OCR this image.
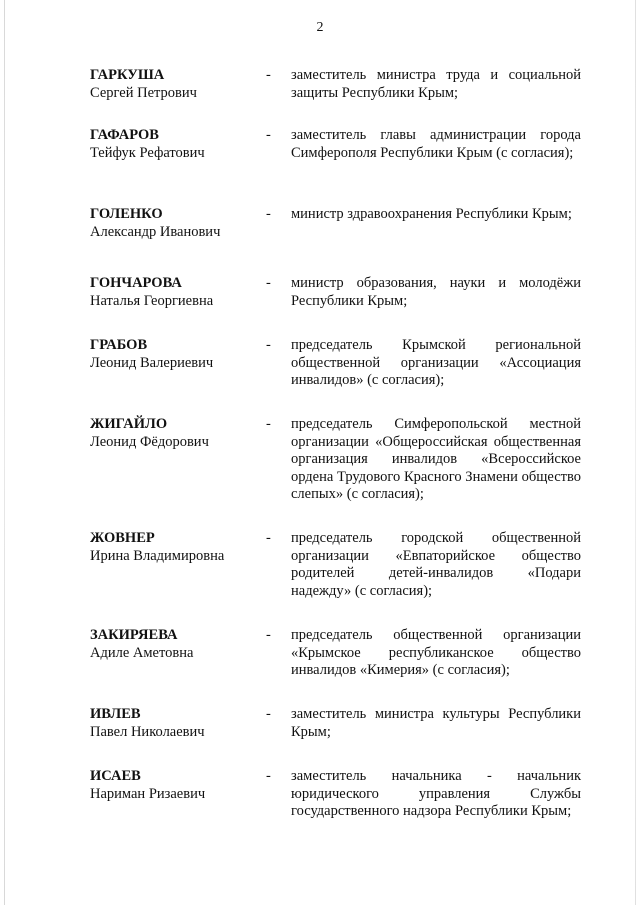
2
ГАРКУША
Сергей Петрович
- заместитель министра труда и социальной защиты Республики Крым;
ГАФАРОВ
Тейфук Рефатович
- заместитель главы администрации города Симферополя Республики Крым (с согласия);
ГОЛЕНКО
Александр Иванович
- министр здравоохранения Республики Крым;
ГОНЧАРОВА
Наталья Георгиевна
- министр образования, науки и молодёжи Республики Крым;
ГРАБОВ
Леонид Валериевич
- председатель Крымской региональной общественной организации «Ассоциация инвалидов» (с согласия);
ЖИГАЙЛО
Леонид Фёдорович
- председатель Симферопольской местной организации «Общероссийская общественная организация инвалидов «Всероссийское ордена Трудового Красного Знамени общество слепых» (с согласия);
ЖОВНЕР
Ирина Владимировна
- председатель городской общественной организации «Евпаторийское общество родителей детей-инвалидов «Подари надежду» (с согласия);
ЗАКИРЯЕВА
Адиле Аметовна
- председатель общественной организации «Крымское республиканское общество инвалидов «Кимерия» (с согласия);
ИВЛЕВ
Павел Николаевич
- заместитель министра культуры Республики Крым;
ИСАЕВ
Нариман Ризаевич
- заместитель начальника - начальник юридического управления Службы государственного надзора Республики Крым;
